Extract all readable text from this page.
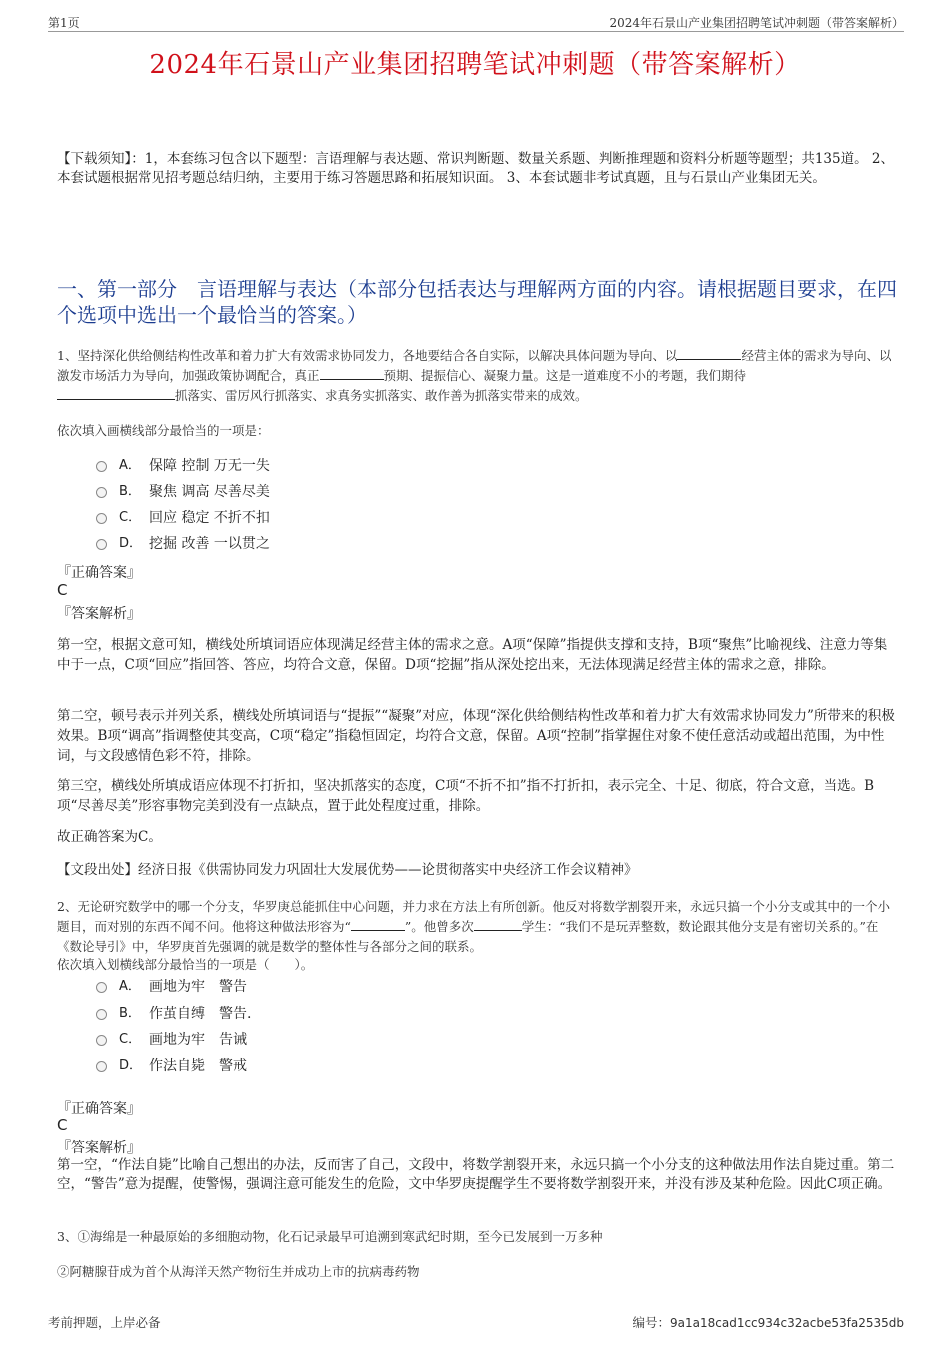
第1页	2024年石景山产业集团招聘笔试冲刺题（带答案解析）
2024年石景山产业集团招聘笔试冲刺题（带答案解析）
【下载须知】：1，本套练习包含以下题型：言语理解与表达题、常识判断题、数量关系题、判断推理题和资料分析题等题型；共135道。 2、本套试题根据常见招考题总结归纳，主要用于练习答题思路和拓展知识面。 3、本套试题非考试真题，且与石景山产业集团无关。
一、第一部分　言语理解与表达（本部分包括表达与理解两方面的内容。请根据题目要求，在四个选项中选出一个最恰当的答案。）
1、坚持深化供给侧结构性改革和着力扩大有效需求协同发力，各地要结合各自实际，以解决具体问题为导向、以	经营主体的需求为导向、以激发市场活力为导向，加强政策协调配合，真正	预期、提振信心、凝聚力量。这是一道难度不小的考题，我们期待
抓落实、雷厉风行抓落实、求真务实抓落实、敢作善为抓落实带来的成效。
依次填入画横线部分最恰当的一项是：
A． 保障 控制 万无一失
B． 聚焦 调高 尽善尽美
C． 回应 稳定 不折不扣
D． 挖掘 改善 一以贯之
『正确答案』
C
『答案解析』
第一空，根据文意可知，横线处所填词语应体现满足经营主体的需求之意。A项“保障”指提供支撑和支持，B项“聚焦”比喻视线、注意力等集中于一点，C项“回应”指回答、答应，均符合文意，保留。D项“挖掘”指从深处挖出来，无法体现满足经营主体的需求之意，排除。
第二空，顿号表示并列关系，横线处所填词语与“提振”“凝聚”对应，体现“深化供给侧结构性改革和着力扩大有效需求协同发力”所带来的积极效果。B项“调高”指调整使其变高，C项“稳定”指稳恒固定，均符合文意，保留。A项“控制”指掌握住对象不使任意活动或超出范围，为中性词，与文段感情色彩不符，排除。
第三空，横线处所填成语应体现不打折扣，坚决抓落实的态度，C项“不折不扣”指不打折扣，表示完全、十足、彻底，符合文意，当选。B项“尽善尽美”形容事物完美到没有一点缺点，置于此处程度过重，排除。
故正确答案为C。
【文段出处】经济日报《供需协同发力巩固壮大发展优势——论贯彻落实中央经济工作会议精神》
2、无论研究数学中的哪一个分支，华罗庚总能抓住中心问题，并力求在方法上有所创新。他反对将数学割裂开来，永远只搞一个小分支或其中的一个小题目，而对别的东西不闻不问。他将这种做法形容为“	”。他曾多次	学生：“我们不是玩弄整数，数论跟其他分支是有密切关系的。”在《数论导引》中，华罗庚首先强调的就是数学的整体性与各部分之间的联系。
依次填入划横线部分最恰当的一项是（　　）。
A． 画地为牢　警告
B． 作茧自缚　警告.
C． 画地为牢　告诫
D． 作法自毙　警戒
『正确答案』
C
『答案解析』
第一空，“作法自毙”比喻自己想出的办法，反而害了自己，文段中，将数学割裂开来，永远只搞一个小分支的这种做法用作法自毙过重。第二空，“警告”意为提醒，使警惕，强调注意可能发生的危险，文中华罗庚提醒学生不要将数学割裂开来，并没有涉及某种危险。因此C项正确。
3、①海绵是一种最原始的多细胞动物，化石记录最早可追溯到寒武纪时期，至今已发展到一万多种
②阿糖腺苷成为首个从海洋天然产物衍生并成功上市的抗病毒药物
考前押题，上岸必备	编号：9a1a18cad1cc934c32acbe53fa2535db
